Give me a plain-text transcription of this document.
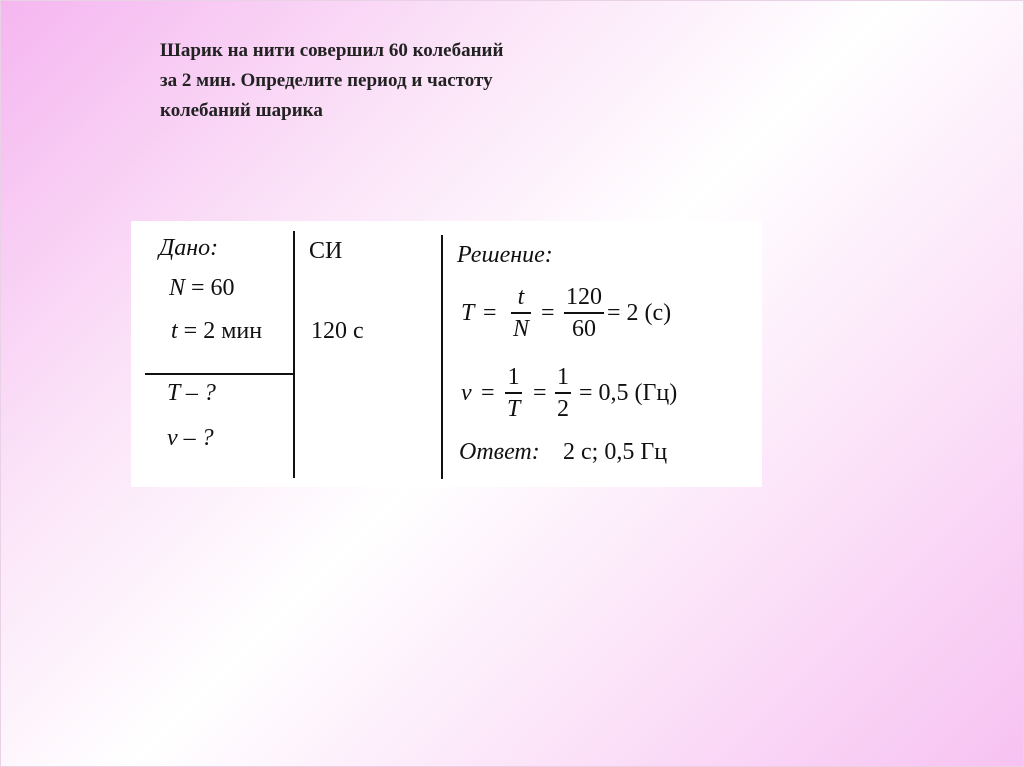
Шарик на нити совершил 60 колебаний
за 2 мин. Определите период и частоту
колебаний шарика
Дано:
N = 60
t = 2 мин
T – ?
ν – ?
СИ
120 с
Решение:
T =
t
N
=
120
60
= 2 (с)
ν =
1
T
=
1
2
= 0,5 (Гц)
Ответ: 2 с; 0,5 Гц
